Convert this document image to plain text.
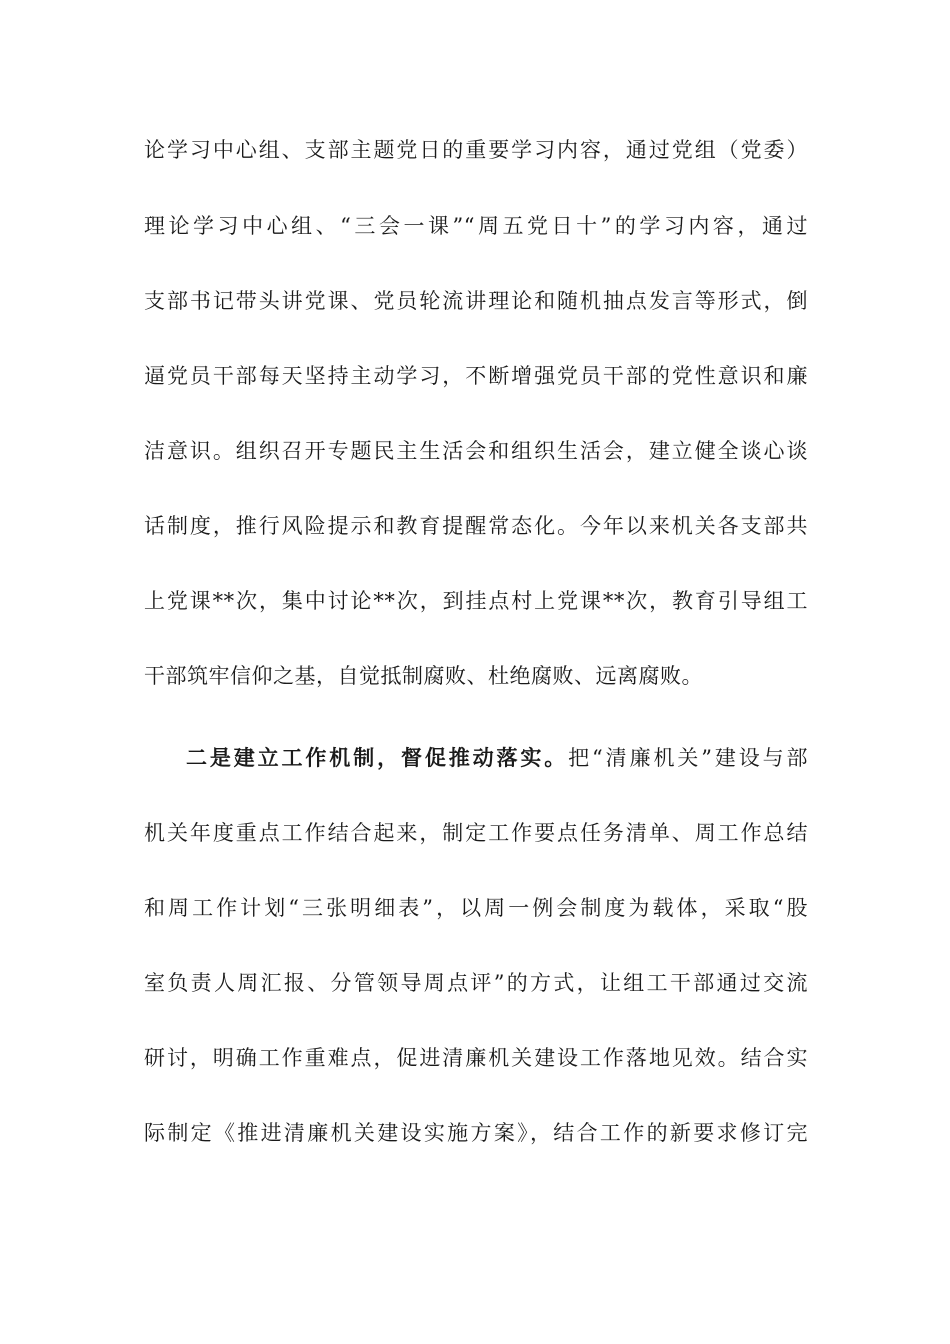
论学习中心组、支部主题党日的重要学习内容，通过党组（党委）
理论学习中心组、“三会一课”“周五党日十”的学习内容，通过
支部书记带头讲党课、党员轮流讲理论和随机抽点发言等形式，倒
逼党员干部每天坚持主动学习，不断增强党员干部的党性意识和廉
洁意识。组织召开专题民主生活会和组织生活会，建立健全谈心谈
话制度，推行风险提示和教育提醒常态化。今年以来机关各支部共
上党课**次，集中讨论**次，到挂点村上党课**次，教育引导组工
干部筑牢信仰之基，自觉抵制腐败、杜绝腐败、远离腐败。
二是建立工作机制，督促推动落实。把“清廉机关”建设与部
机关年度重点工作结合起来，制定工作要点任务清单、周工作总结
和周工作计划“三张明细表”，以周一例会制度为载体，采取“股
室负责人周汇报、分管领导周点评”的方式，让组工干部通过交流
研讨，明确工作重难点，促进清廉机关建设工作落地见效。结合实
际制定《推进清廉机关建设实施方案》，结合工作的新要求修订完
